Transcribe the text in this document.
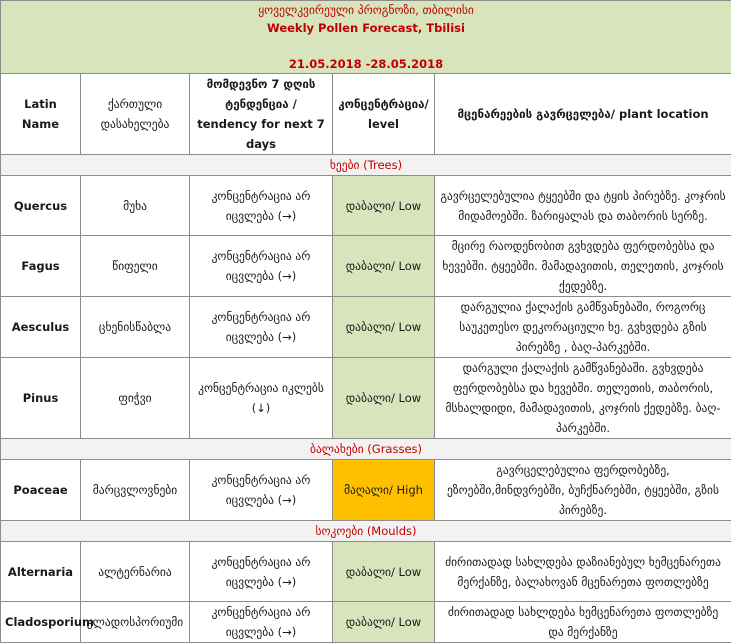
ყოველკვირეული პროგნოზი, თბილისი
Weekly Pollen Forecast, Tbilisi
21.05.2018 -28.05.2018				

Latin Name	ქართული დასახელება	მომდევნო 7 დღის ტენდენცია / tendency for next 7 days	კონცენტრაცია/ level	მცენარეების გავრცელება/ plant location
ხეები (Trees)				
Quercus	მუხა	კონცენტრაცია არ იცვლება (→)	დაბალი/ Low	გავრცელებულია ტყეებში და ტყის პირებზე. კოჯრის მიდამოებში. ზარიყალას და თაბორის სერზე.
Fagus	წიფელი	კონცენტრაცია არ იცვლება (→)	დაბალი/ Low	მცირე რაოდენობით გვხვდება ფერდობებსა და ხევებში. ტყეებში. მამადავითის, თელეთის, კოჯრის ქედებზე.
Aesculus	ცხენისწაბლა	კონცენტრაცია არ იცვლება (→)	დაბალი/ Low	დარგულია ქალაქის გამწვანებაში, როგორც საუკეთესო დეკორაციული ხე. გვხვდება გზის პირებზე , ბაღ-პარკებში.
Pinus	ფიჭვი	კონცენტრაცია იკლებს (↓)	დაბალი/ Low	დარგული ქალაქის გამწვანებაში. გვხვდება ფერდობებსა და ხევებში. თელეთის, თაბორის, მსხალდიდი, მამადავითის, კოჯრის ქედებზე. ბაღ-პარკებში.
ბალახები (Grasses)				
Poaceae	მარცვლოვნები	კონცენტრაცია არ იცვლება (→)	მაღალი/ High	გავრცელებულია ფერდობებზე, ეზოებში,მინდვრებში, ბუჩქნარებში, ტყეებში, გზის პირებზე.
სოკოები (Moulds)				
Alternaria	ალტერნარია	კონცენტრაცია არ იცვლება (→)	დაბალი/ Low	ძირითადად სახლდება დაზიანებულ ხემცენარეთა მერქანზე, ბალახოვან მცენარეთა ფოთლებზე
Cladosporium	კლადოსპორიუმი	კონცენტრაცია არ იცვლება (→)	დაბალი/ Low	ძირითადად სახლდება ხემცენარეთა ფოთლებზე და მერქანზე
